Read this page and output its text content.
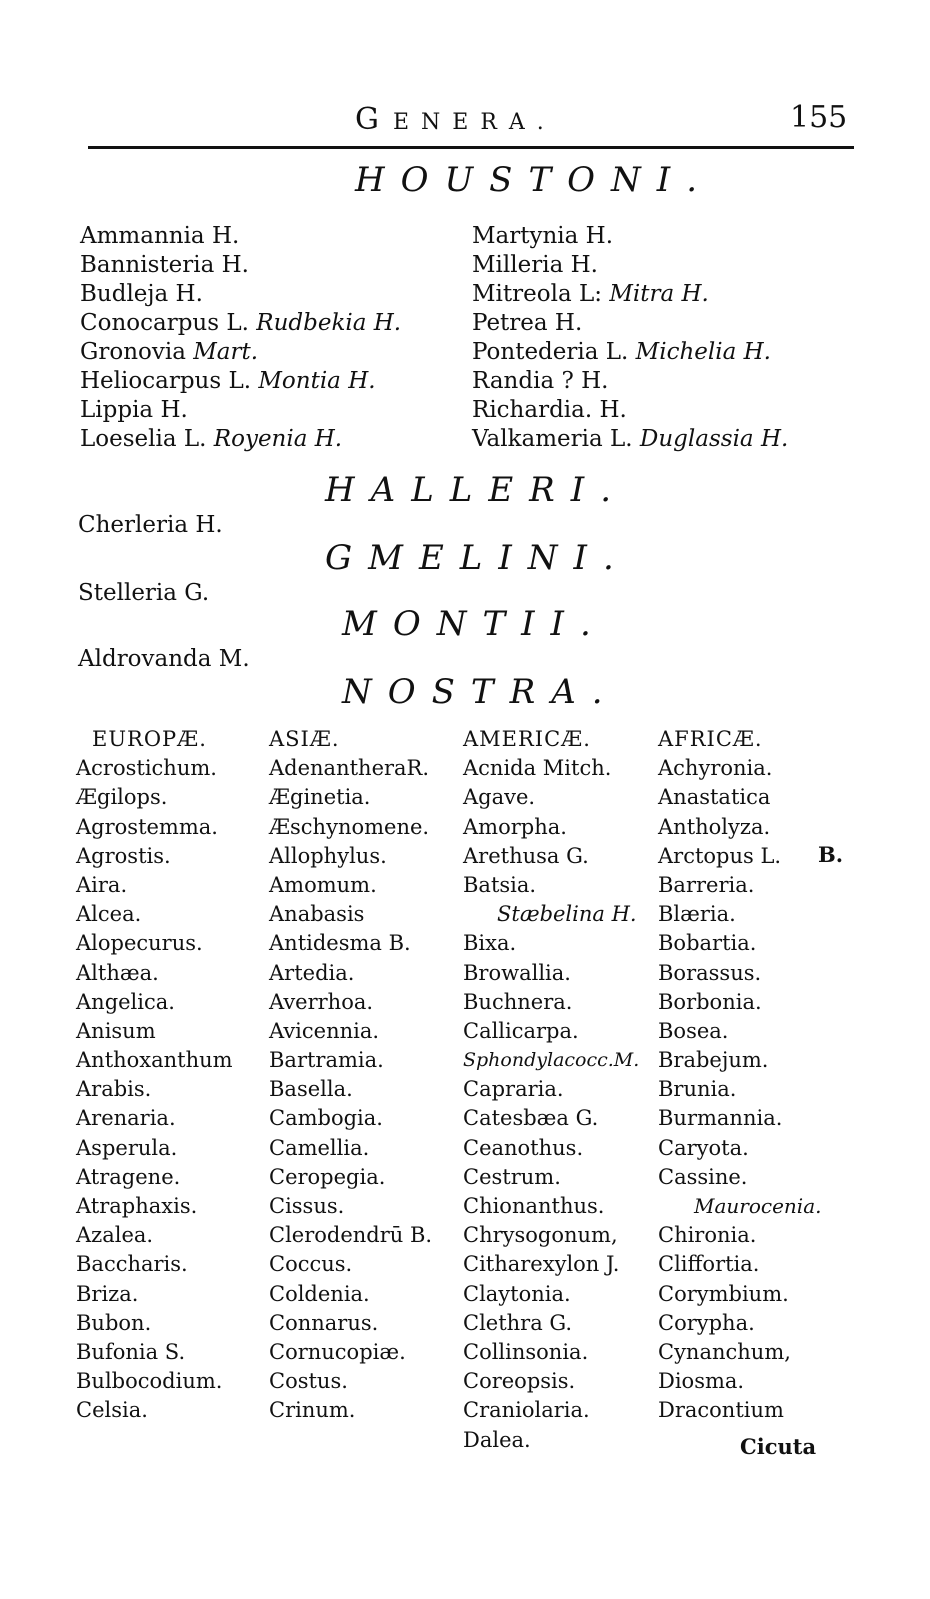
GENERA.	155
HOUSTONI.
Ammannia H.
Bannisteria H.
Budleja H.
Conocarpus L. Rudbekia H.
Gronovia Mart.
Heliocarpus L. Montia H.
Lippia H.
Loeselia L. Royenia H.
Martynia H.
Milleria H.
Mitreola L: Mitra H.
Petrea H.
Pontederia L. Michelia H.
Randia ? H.
Richardia. H.
Valkameria L. Duglassia H.
HALLERI.
Cherleria H.
GMELINI.
Stelleria G.
MONTII.
Aldrovanda M.
NOSTRA.
EUROPÆ.
Acrostichum.
Ægilops.
Agrostemma.
Agrostis.
Aira.
Alcea.
Alopecurus.
Althæa.
Angelica.
Anisum
Anthoxanthum
Arabis.
Arenaria.
Asperula.
Atragene.
Atraphaxis.
Azalea.
Baccharis.
Briza.
Bubon.
Bufonia S.
Bulbocodium.
Celsia.
ASIÆ.
AdenantheraR.
Æginetia.
Æschynomene.
Allophylus.
Amomum.
Anabasis
Antidesma B.
Artedia.
Averrhoa.
Avicennia.
Bartramia.
Basella.
Cambogia.
Camellia.
Ceropegia.
Cissus.
Clerodendrū B.
Coccus.
Coldenia.
Connarus.
Cornucopiæ.
Costus.
Crinum.
AMERICÆ.
Acnida Mitch.
Agave.
Amorpha.
Arethusa G.
Batsia.
Stæbelina H.
Bixa.
Browallia.
Buchnera.
Callicarpa.
Sphondylacocc.M.
Capraria.
Catesbæa G.
Ceanothus.
Cestrum.
Chionanthus.
Chrysogonum,
Citharexylon J.
Claytonia.
Clethra G.
Collinsonia.
Coreopsis.
Craniolaria.
Dalea.
AFRICÆ.
Achyronia.
Anastatica
Antholyza.
Arctopus L.
Barreria.
Blæria.
Bobartia.
Borassus.
Borbonia.
Bosea.
Brabejum.
Brunia.
Burmannia.
Caryota.
Cassine.
Maurocenia.
Chironia.
Cliffortia.
Corymbium.
Corypha.
Cynanchum,
Diosma.
Dracontium
B.
Cicuta
